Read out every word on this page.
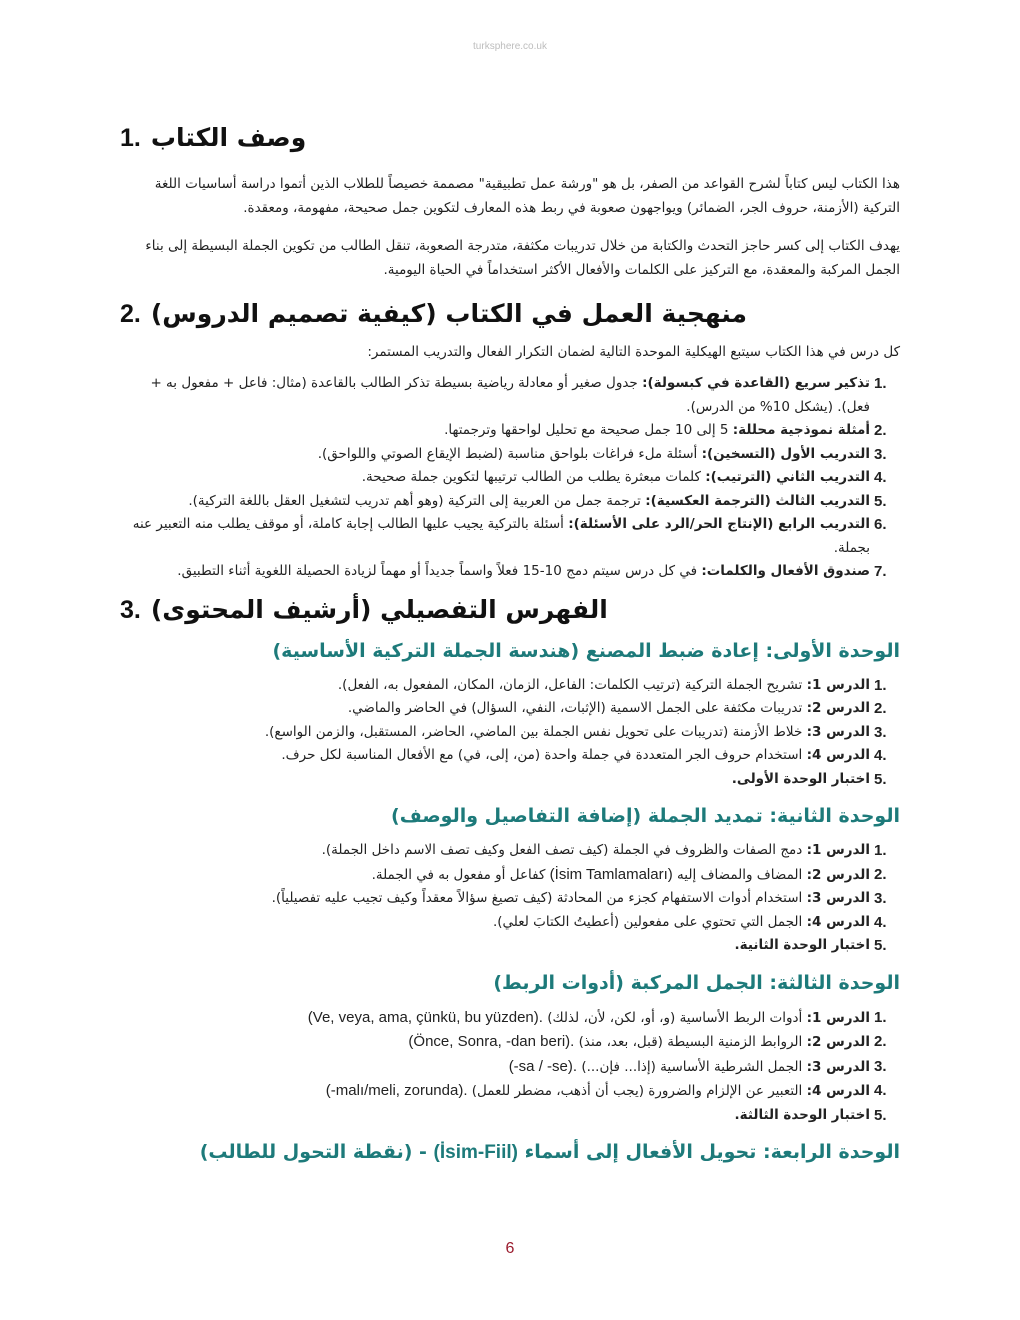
turksphere.co.uk
وصف الكتاب
1.

هذا الكتاب ليس كتاباً لشرح القواعد من الصفر، بل هو "ورشة عمل تطبيقية" مصممة خصيصاً للطلاب الذين أتموا دراسة أساسيات اللغة التركية (الأزمنة، حروف الجر، الضمائر) ويواجهون صعوبة في ربط هذه المعارف لتكوين جمل صحيحة، مفهومة، ومعقدة.

يهدف الكتاب إلى كسر حاجز التحدث والكتابة من خلال تدريبات مكثفة، متدرجة الصعوبة، تنقل الطالب من تكوين الجملة البسيطة إلى بناء الجمل المركبة والمعقدة، مع التركيز على الكلمات والأفعال الأكثر استخداماً في الحياة اليومية.

منهجية العمل في الكتاب (كيفية تصميم الدروس)
2.

كل درس في هذا الكتاب سيتبع الهيكلية الموحدة التالية لضمان التكرار الفعال والتدريب المستمر:

1.
تذكير سريع (القاعدة في كبسولة): جدول صغير أو معادلة رياضية بسيطة تذكر الطالب بالقاعدة (مثال: فاعل + مفعول به + فعل). (يشكل 10% من الدرس).
2.
أمثلة نموذجية محللة: 5 إلى 10 جمل صحيحة مع تحليل لواحقها وترجمتها.
3.
التدريب الأول (التسخين): أسئلة ملء فراغات بلواحق مناسبة (لضبط الإيقاع الصوتي واللواحق).
4.
التدريب الثاني (الترتيب): كلمات مبعثرة يطلب من الطالب ترتيبها لتكوين جملة صحيحة.
5.
التدريب الثالث (الترجمة العكسية): ترجمة جمل من العربية إلى التركية (وهو أهم تدريب لتشغيل العقل باللغة التركية).
6.
التدريب الرابع (الإنتاج الحر/الرد على الأسئلة): أسئلة بالتركية يجيب عليها الطالب إجابة كاملة، أو موقف يطلب منه التعبير عنه بجملة.
7.
صندوق الأفعال والكلمات: في كل درس سيتم دمج 10-15 فعلاً واسماً جديداً أو مهماً لزيادة الحصيلة اللغوية أثناء التطبيق.
الفهرس التفصيلي (أرشيف المحتوى)
3.
الوحدة الأولى: إعادة ضبط المصنع (هندسة الجملة التركية الأساسية)
1.
الدرس 1: تشريح الجملة التركية (ترتيب الكلمات: الفاعل، الزمان، المكان، المفعول به، الفعل).
2.
الدرس 2: تدريبات مكثفة على الجمل الاسمية (الإثبات، النفي، السؤال) في الحاضر والماضي.
3.
الدرس 3: خلاط الأزمنة (تدريبات على تحويل نفس الجملة بين الماضي، الحاضر، المستقبل، والزمن الواسع).
4.
الدرس 4: استخدام حروف الجر المتعددة في جملة واحدة (من، إلى، في) مع الأفعال المناسبة لكل حرف.
5.
اختبار الوحدة الأولى.
الوحدة الثانية: تمديد الجملة (إضافة التفاصيل والوصف)
1.
الدرس 1: دمج الصفات والظروف في الجملة (كيف تصف الفعل وكيف تصف الاسم داخل الجملة).
2.
الدرس 2: المضاف والمضاف إليه (İsim Tamlamaları) كفاعل أو مفعول به في الجملة.
3.
الدرس 3: استخدام أدوات الاستفهام كجزء من المحادثة (كيف تصيغ سؤالاً معقداً وكيف تجيب عليه تفصيلياً).
4.
الدرس 4: الجمل التي تحتوي على مفعولين (أعطيتُ الكتابَ لعلي).
5.
اختبار الوحدة الثانية.
الوحدة الثالثة: الجمل المركبة (أدوات الربط)
1.
الدرس 1: أدوات الربط الأساسية (و، أو، لكن، لأن، لذلك) (Ve, veya, ama, çünkü, bu yüzden).
2.
الدرس 2: الروابط الزمنية البسيطة (قبل، بعد، منذ) (Önce, Sonra, -dan beri).
3.
الدرس 3: الجمل الشرطية الأساسية (إذا... فإن...) (-sa / -se).
4.
الدرس 4: التعبير عن الإلزام والضرورة (يجب أن أذهب، مضطر للعمل) (-malı/meli, zorunda).
5.
اختبار الوحدة الثالثة.
الوحدة الرابعة: تحويل الأفعال إلى أسماء (İsim-Fiil) - (نقطة التحول للطالب)
6
